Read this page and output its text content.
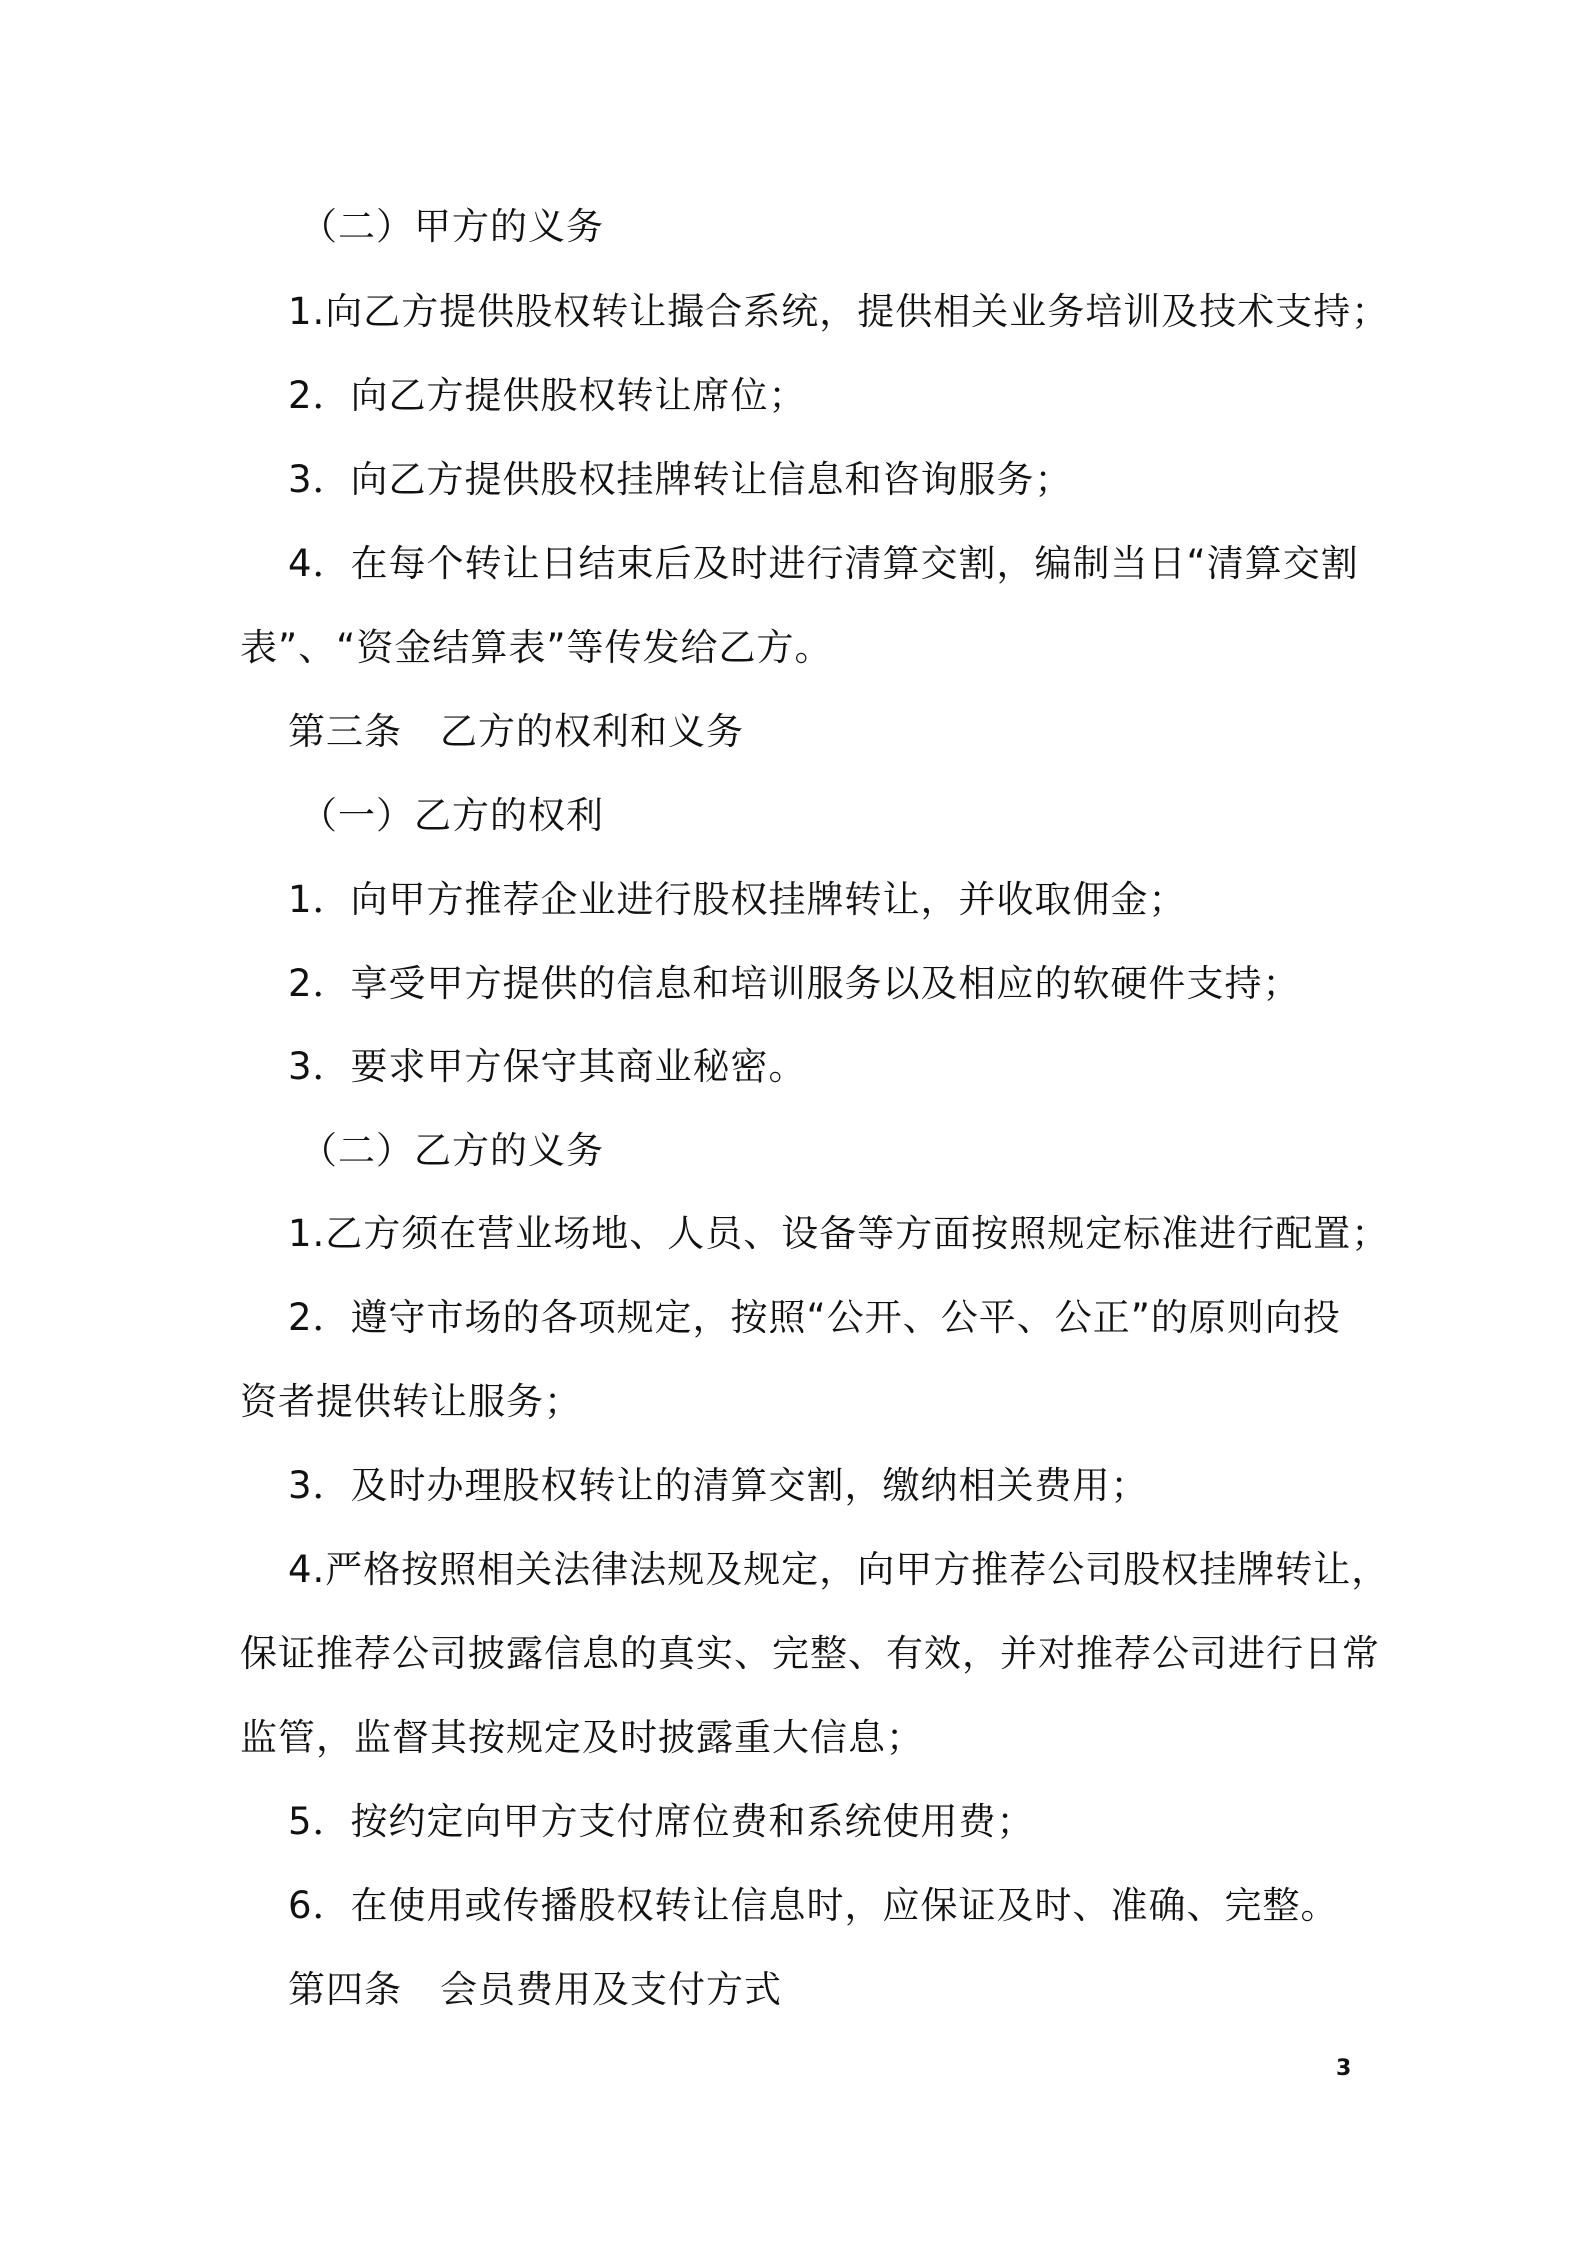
（二）甲方的义务
1.向乙方提供股权转让撮合系统，提供相关业务培训及技术支持；
2．向乙方提供股权转让席位；
3．向乙方提供股权挂牌转让信息和咨询服务；
4．在每个转让日结束后及时进行清算交割，编制当日“清算交割
表”、“资金结算表”等传发给乙方。
第三条　乙方的权利和义务
（一）乙方的权利
1．向甲方推荐企业进行股权挂牌转让，并收取佣金；
2．享受甲方提供的信息和培训服务以及相应的软硬件支持；
3．要求甲方保守其商业秘密。
（二）乙方的义务
1.乙方须在营业场地、人员、设备等方面按照规定标准进行配置；
2．遵守市场的各项规定，按照“公开、公平、公正”的原则向投
资者提供转让服务；
3．及时办理股权转让的清算交割，缴纳相关费用；
4.严格按照相关法律法规及规定，向甲方推荐公司股权挂牌转让，
保证推荐公司披露信息的真实、完整、有效，并对推荐公司进行日常
监管，监督其按规定及时披露重大信息；
5．按约定向甲方支付席位费和系统使用费；
6．在使用或传播股权转让信息时，应保证及时、准确、完整。
第四条　会员费用及支付方式
3
